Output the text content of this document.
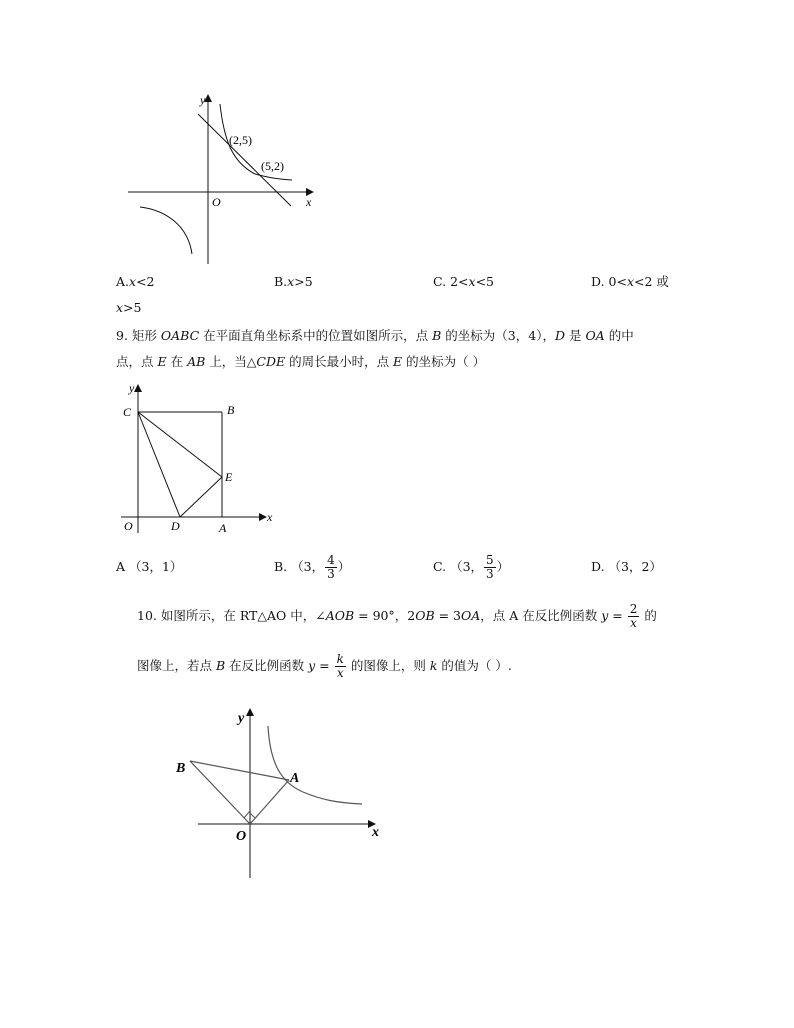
y
x
O
(2,5)
(5,2)
A.x<2	B.x>5	C. 2<x<5	D. 0<x<2 或
x>5
9. 矩形 OABC 在平面直角坐标系中的位置如图所示，点 B 的坐标为（3，4），D 是 OA 的中
点，点 E 在 AB 上，当△CDE 的周长最小时，点 E 的坐标为（ ）
y
x
C	B
E
O	D	A
A （3，1）	B. （3， $\frac{4}{3}$ ）	C. （3， $\frac{5}{3}$ ）	D. （3，2）
10. 如图所示，在 RT△AO 中，∠AOB = 90°，2OB = 3OA，点 A 在反比例函数 $y = \frac{2}{x}$ 的
图像上，若点 B 在反比例函数 $y = \frac{k}{x}$ 的图像上，则 k 的值为（ ）.
y
x
B
A
O
